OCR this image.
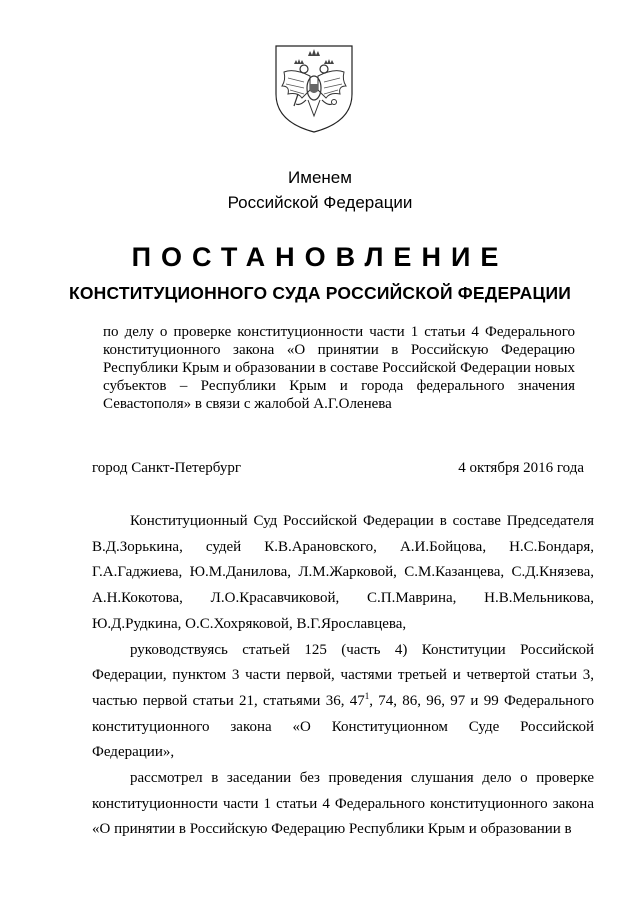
Именем
Российской Федерации
ПОСТАНОВЛЕНИЕ
КОНСТИТУЦИОННОГО СУДА РОССИЙСКОЙ ФЕДЕРАЦИИ
по делу о проверке конституционности части 1 статьи 4 Федерального конституционного закона «О принятии в Российскую Федерацию Республики Крым и образовании в составе Российской Федерации новых субъектов – Республики Крым и города федерального значения Севастополя» в связи с жалобой А.Г.Оленева
город Санкт-Петербург	4 октября 2016 года

Конституционный Суд Российской Федерации в составе Председателя В.Д.Зорькина, судей К.В.Арановского, А.И.Бойцова, Н.С.Бондаря, Г.А.Гаджиева, Ю.М.Данилова, Л.М.Жарковой, С.М.Казанцева, С.Д.Князева, А.Н.Кокотова, Л.О.Красавчиковой, С.П.Маврина, Н.В.Мельникова, Ю.Д.Рудкина, О.С.Хохряковой, В.Г.Ярославцева,

руководствуясь статьей 125 (часть 4) Конституции Российской Федерации, пунктом 3 части первой, частями третьей и четвертой статьи 3, частью первой статьи 21, статьями 36, $47^1$, 74, 86, 96, 97 и 99 Федерального конституционного закона «О Конституционном Суде Российской Федерации»,

рассмотрел в заседании без проведения слушания дело о проверке конституционности части 1 статьи 4 Федерального конституционного закона «О принятии в Российскую Федерацию Республики Крым и образовании в
